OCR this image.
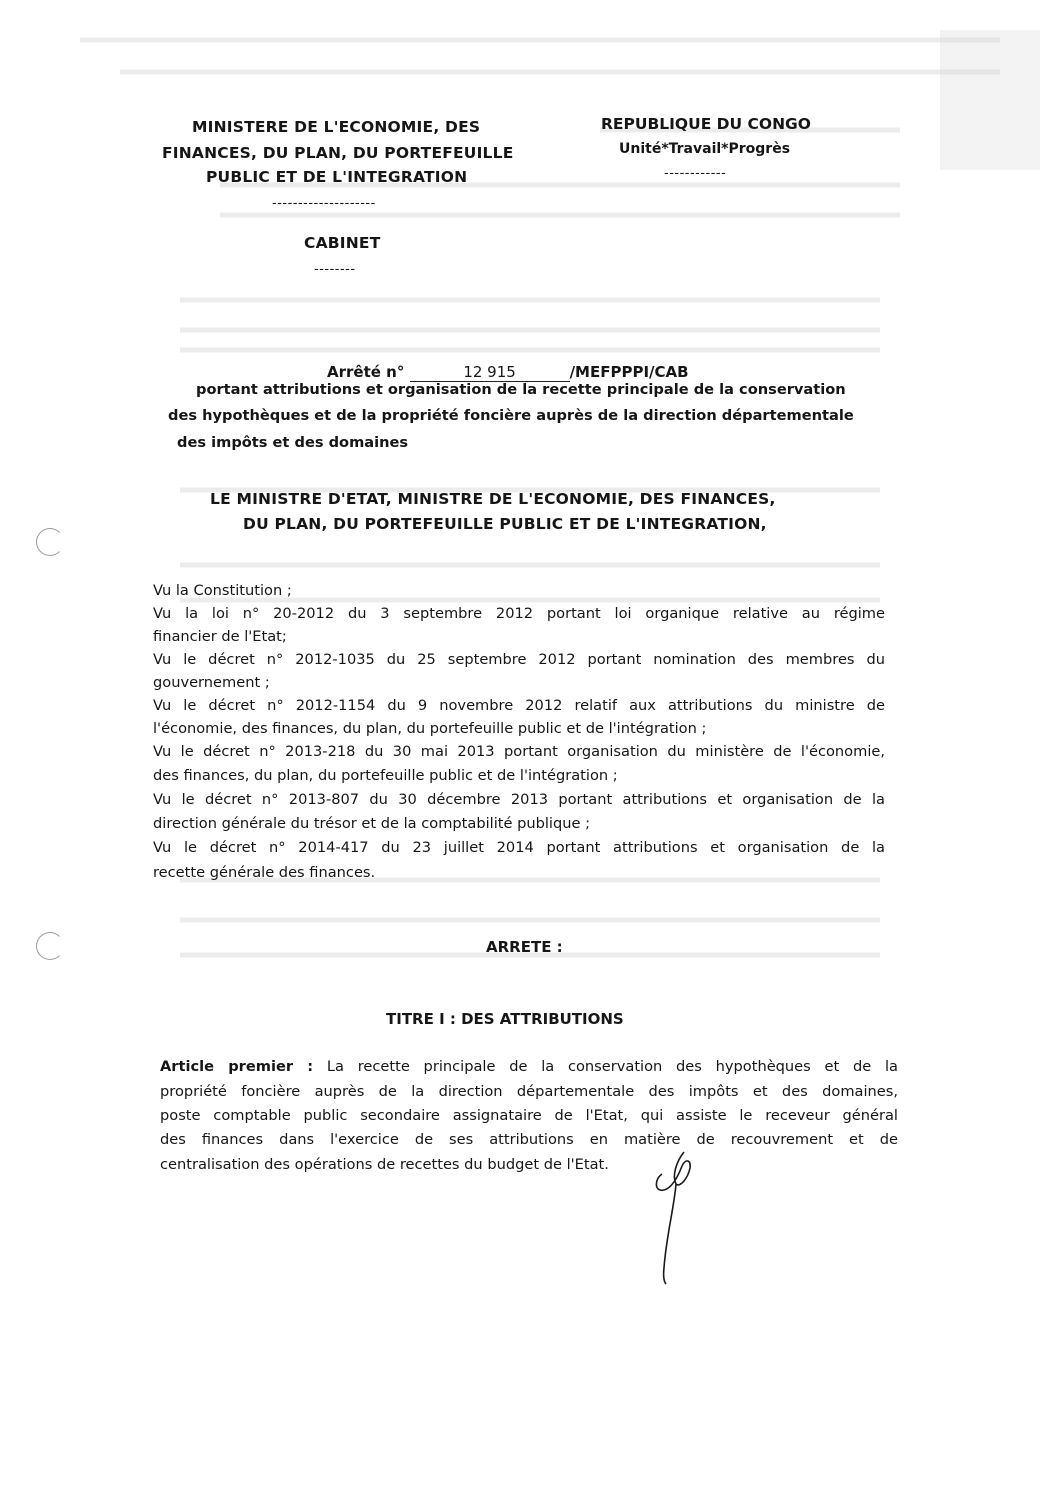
MINISTERE DE L'ECONOMIE, DES
FINANCES, DU PLAN, DU PORTEFEUILLE
PUBLIC ET DE L'INTEGRATION
--------------------
CABINET
--------
REPUBLIQUE DU CONGO
Unité*Travail*Progrès
------------
Arrêté n°	12 915	/MEFPPPI/CAB
portant attributions et organisation de la recette principale de la conservation
des hypothèques et de la propriété foncière auprès de la direction départementale
des impôts et des domaines
LE MINISTRE D'ETAT, MINISTRE DE L'ECONOMIE, DES FINANCES,
DU PLAN, DU PORTEFEUILLE PUBLIC ET DE L'INTEGRATION,
Vu la Constitution ;
Vu la loi n° 20-2012 du 3 septembre 2012 portant loi organique relative au régime
financier de l'Etat;
Vu le décret n° 2012-1035 du 25 septembre 2012 portant nomination des membres du
gouvernement ;
Vu le décret n° 2012-1154 du 9 novembre 2012 relatif aux attributions du ministre de
l'économie, des finances, du plan, du portefeuille public et de l'intégration ;
Vu le décret n° 2013-218 du 30 mai 2013 portant organisation du ministère de l'économie,
des finances, du plan, du portefeuille public et de l'intégration ;
Vu le décret n° 2013-807 du 30 décembre 2013 portant attributions et organisation de la
direction générale du trésor et de la comptabilité publique ;
Vu le décret n° 2014-417 du 23 juillet 2014 portant attributions et organisation de la
recette générale des finances.
ARRETE :
TITRE I : DES ATTRIBUTIONS
Article premier : La recette principale de la conservation des hypothèques et de la
propriété foncière auprès de la direction départementale des impôts et des domaines,
poste comptable public secondaire assignataire de l'Etat, qui assiste le receveur général
des finances dans l'exercice de ses attributions en matière de recouvrement et de
centralisation des opérations de recettes du budget de l'Etat.
